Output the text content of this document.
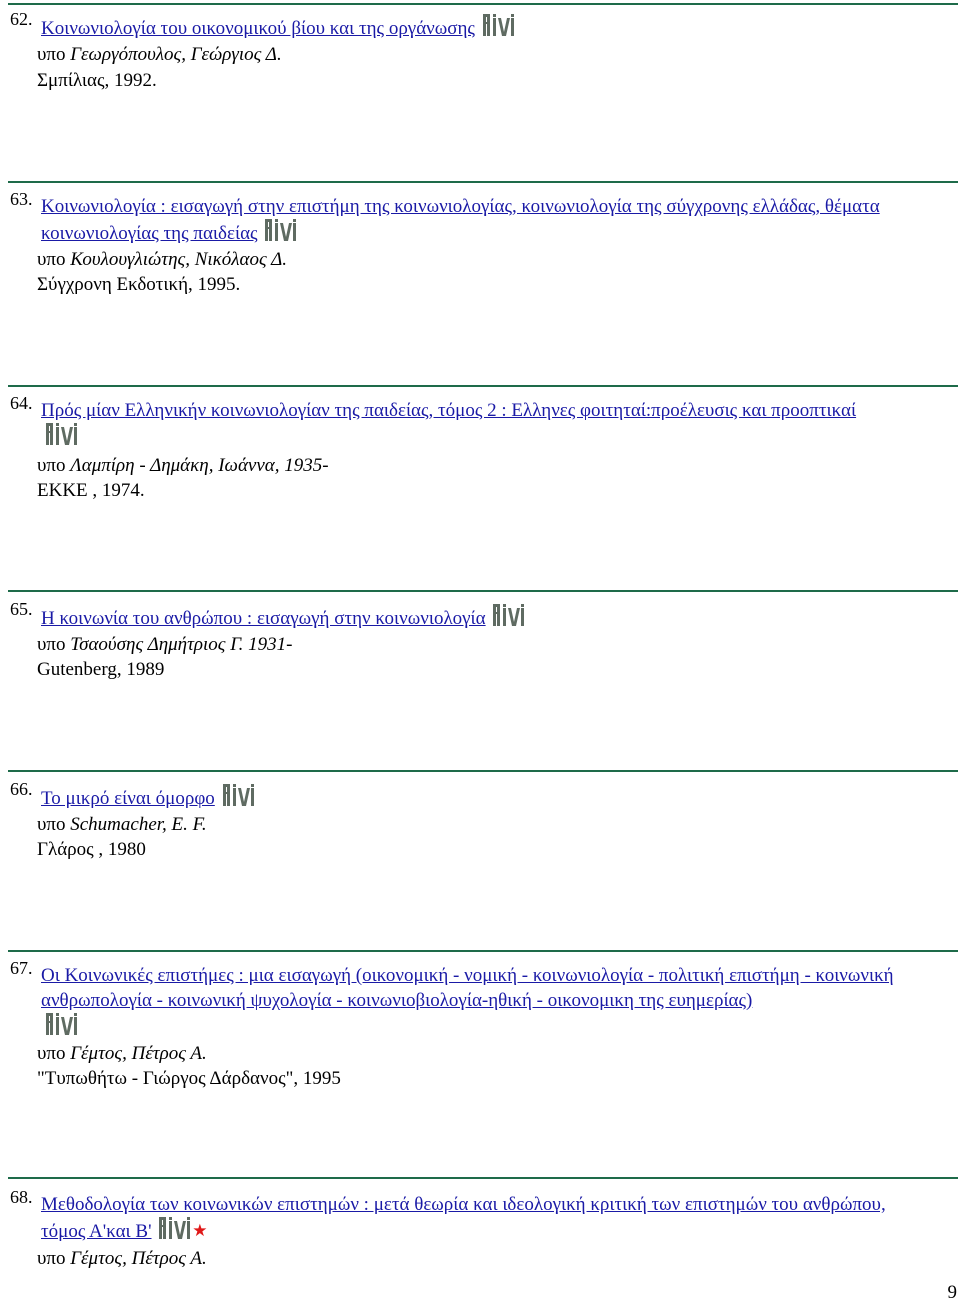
62. Κοινωνιολογία του οικονομικού βίου και της οργάνωσης
υπο Γεωργόπουλος, Γεώργιος Δ.
Σμπίλιας, 1992.
63. Κοινωνιολογία : εισαγωγή στην επιστήμη της κοινωνιολογίας, κοινωνιολογία της σύγχρονης ελλάδας, θέματα κοινωνιολογίας της παιδείας
υπο Κουλουγλιώτης, Νικόλαος Δ.
Σύγχρονη Εκδοτική, 1995.
64. Πρός μίαν Ελληνικήν κοινωνιολογίαν της παιδείας, τόμος 2 : Ελληνες φοιτηταί:προέλευσις και προοπτικαί

υπο Λαμπίρη - Δημάκη, Ιωάννα, 1935-
ΕΚΚΕ , 1974.
65. Η κοινωνία του ανθρώπου : εισαγωγή στην κοινωνιολογία
υπο Τσαούσης Δημήτριος Γ. 1931-
Gutenberg, 1989
66. Το μικρό είναι όμορφο
υπο Schumacher, E. F.
Γλάρος , 1980
67. Οι Κοινωνικές επιστήμες : μια εισαγωγή (οικονομική - νομική - κοινωνιολογία - πολιτική επιστήμη - κοινωνική ανθρωπολογία - κοινωνική ψυχολογία - κοινωνιοβιολογία-ηθική - οικονομικη της ευημερίας)

υπο Γέμτος, Πέτρος Α.
"Τυπωθήτω - Γιώργος Δάρδανος", 1995
68. Μεθοδολογία των κοινωνικών επιστημών : μετά θεωρία και ιδεολογική κριτική των επιστημών του ανθρώπου, τόμος Α'και Β' ★
υπο Γέμτος, Πέτρος Α.
9
